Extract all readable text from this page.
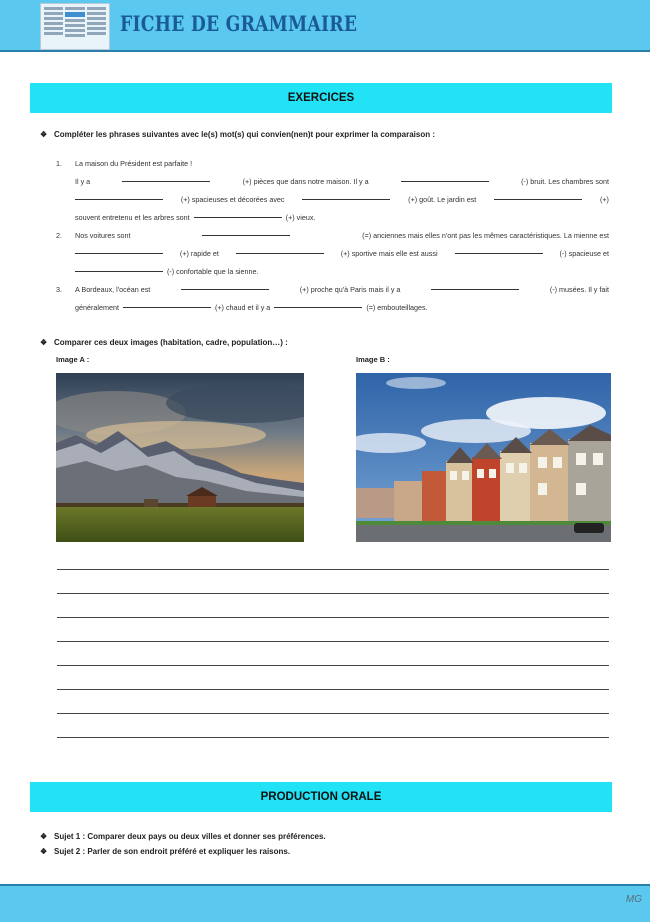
FICHE DE GRAMMAIRE
EXERCICES
❖ Compléter les phrases suivantes avec le(s) mot(s) qui convien(nen)t pour exprimer la comparaison :
1.	La maison du Président est parfaite !
Il y a	(+) pièces que dans notre maison. Il y a	(-) bruit. Les chambres sont
(+) spacieuses et décorées avec	(+) goût. Le jardin est	(+)
souvent entretenu et les arbres sont	(+) vieux.
2.	Nos voitures sont	(=) anciennes mais elles n'ont pas les mêmes caractéristiques. La mienne est
(+) rapide et	(+) sportive mais elle est aussi	(-) spacieuse et
(-) confortable que la sienne.
3.	A Bordeaux, l'océan est	(+) proche qu'à Paris mais il y a	(-) musées. Il y fait
généralement	(+) chaud et il y a	(=) embouteillages.
❖ Comparer ces deux images (habitation, cadre, population…) :
Image A :	Image B :
PRODUCTION ORALE
❖ Sujet 1 : Comparer deux pays ou deux villes et donner ses préférences.
❖ Sujet 2 : Parler de son endroit préféré et expliquer les raisons.
MG
